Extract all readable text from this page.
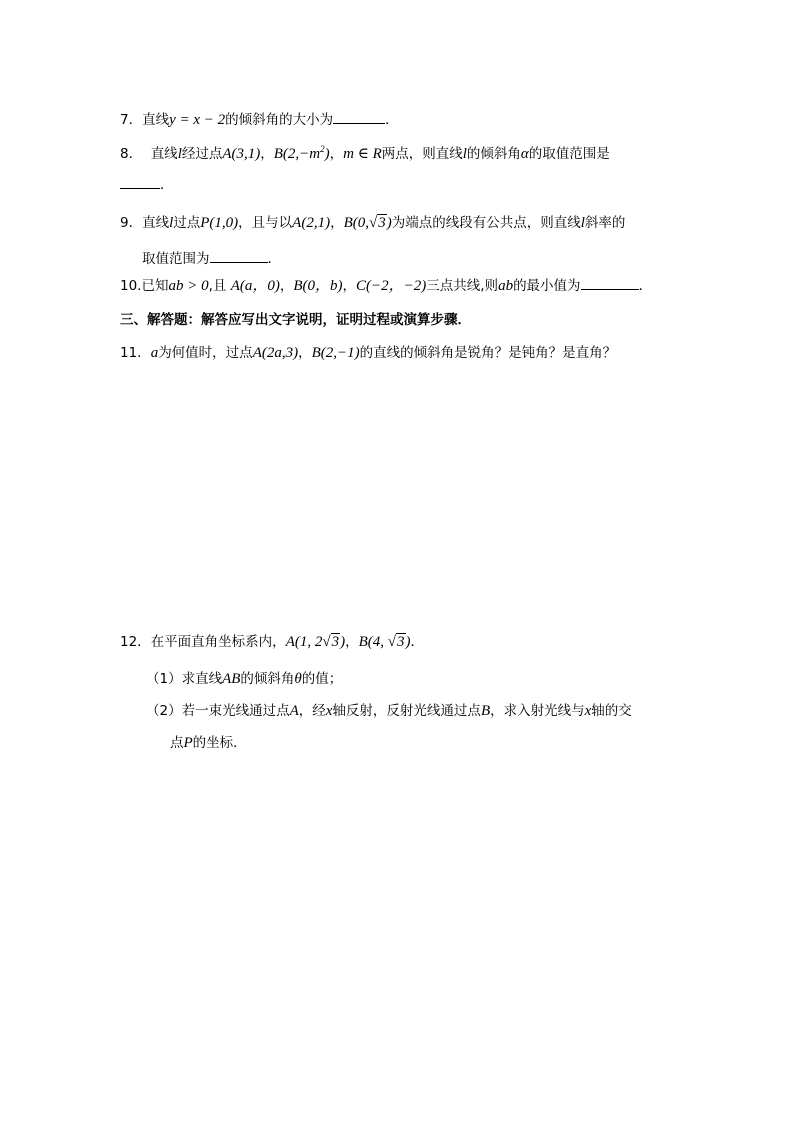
7．直线y = x − 2的倾斜角的大小为	．
8． 直线l经过点A(3,1)，$B(2,-m^2)$，m ∈ R两点，则直线l的倾斜角α的取值范围是
．
9．直线l过点P(1,0)，且与以A(2,1)，B(0,√3)为端点的线段有公共点，则直线l斜率的
取值范围为	．
10.已知ab > 0,且 A(a，0)，B(0，b)，C(−2，−2)三点共线,则ab的最小值为	．
三、解答题：解答应写出文字说明，证明过程或演算步骤．
11．a为何值时，过点A(2a,3)，B(2,−1)的直线的倾斜角是锐角？是钝角？是直角？
12．在平面直角坐标系内，A(1, 2√3)，B(4, √3)．
（1）求直线AB的倾斜角θ的值；
（2）若一束光线通过点A，经x轴反射，反射光线通过点B，求入射光线与x轴的交
点P的坐标．
